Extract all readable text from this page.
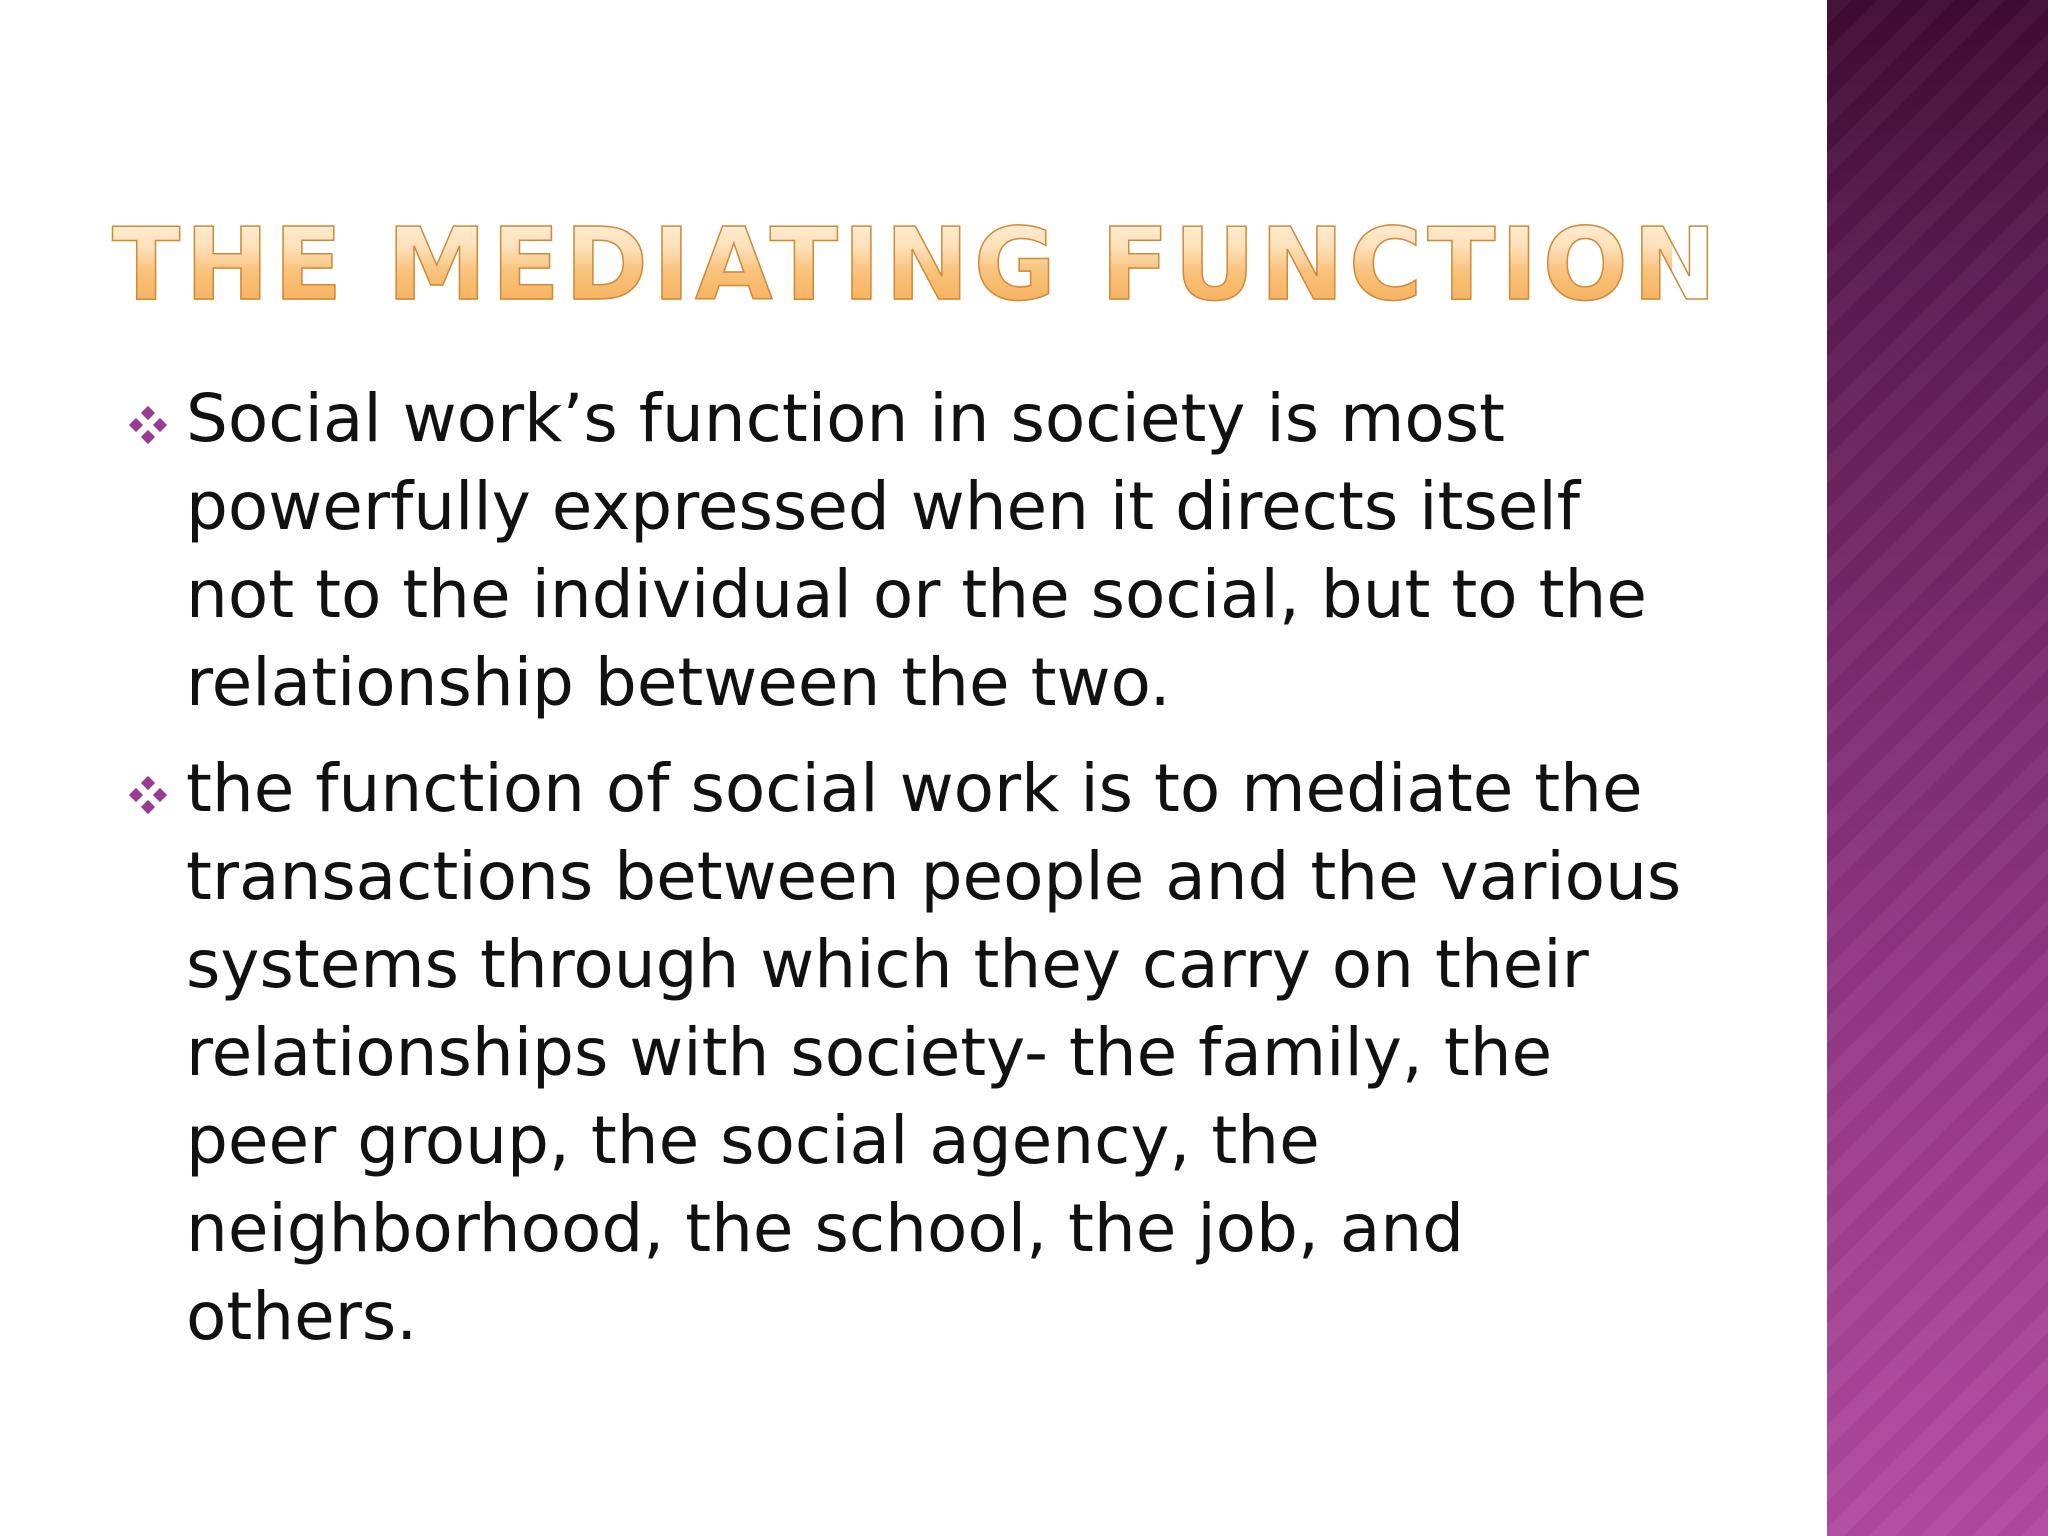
THE MEDIATING FUNCTION

Social work’s function in society is most powerfully expressed when it directs itself not to the individual or the social, but to the relationship between the two.

the function of social work is to mediate the transactions between people and the various systems through which they carry on their relationships with society- the family, the peer group, the social agency, the neighborhood, the school, the job, and others.
